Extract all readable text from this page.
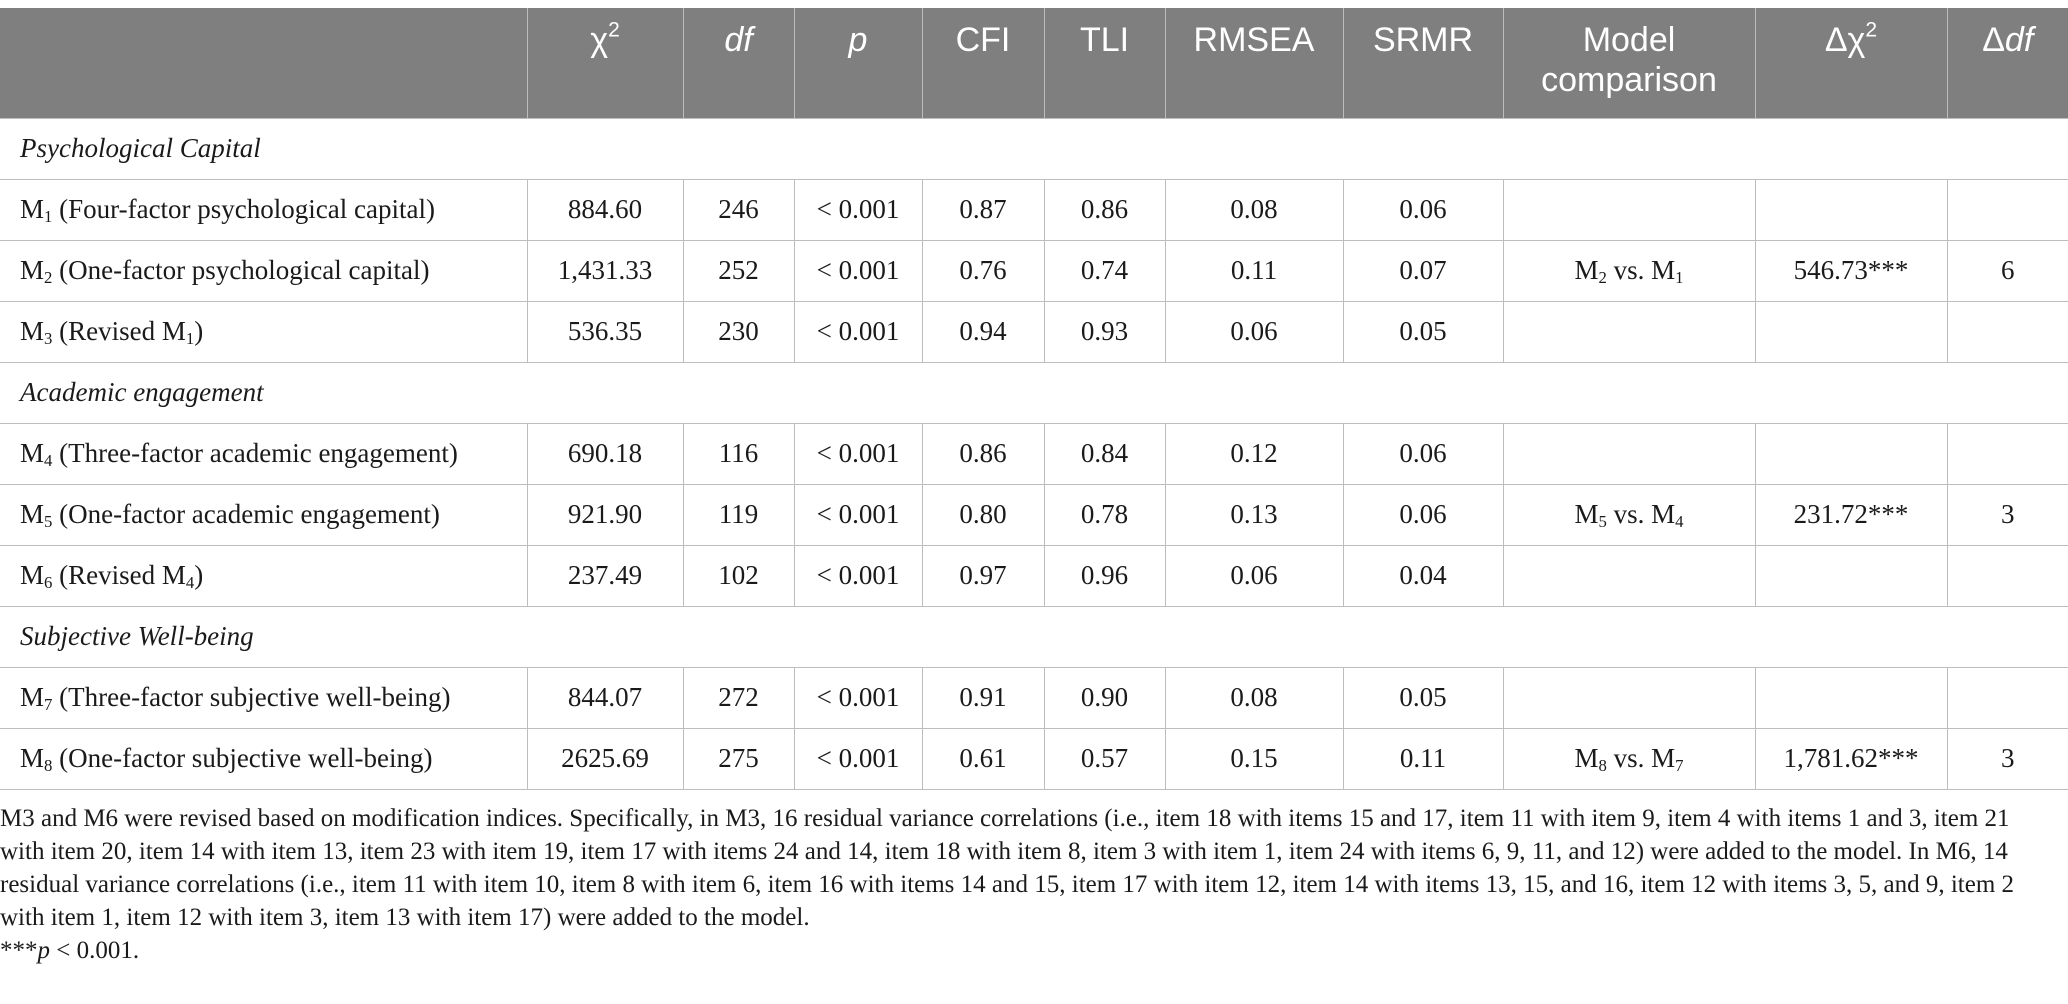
	$\chi^2$	df	p	CFI	TLI	RMSEA	SRMR	Model
comparison	$\Delta\chi^2$	Δdf
Psychological Capital										
$M_1$ (Four-factor psychological capital)	884.60	246	< 0.001	0.87	0.86	0.08	0.06			
$M_2$ (One-factor psychological capital)	1,431.33	252	< 0.001	0.76	0.74	0.11	0.07	$M_2$ vs. $M_1$	546.73***	6
$M_3$ (Revised $M_1$)	536.35	230	< 0.001	0.94	0.93	0.06	0.05			
Academic engagement										
$M_4$ (Three-factor academic engagement)	690.18	116	< 0.001	0.86	0.84	0.12	0.06			
$M_5$ (One-factor academic engagement)	921.90	119	< 0.001	0.80	0.78	0.13	0.06	$M_5$ vs. $M_4$	231.72***	3
$M_6$ (Revised $M_4$)	237.49	102	< 0.001	0.97	0.96	0.06	0.04			
Subjective Well-being										
$M_7$ (Three-factor subjective well-being)	844.07	272	< 0.001	0.91	0.90	0.08	0.05			
$M_8$ (One-factor subjective well-being)	2625.69	275	< 0.001	0.61	0.57	0.15	0.11	$M_8$ vs. $M_7$	1,781.62***	3

M3 and M6 were revised based on modification indices. Specifically, in M3, 16 residual variance correlations (i.e., item 18 with items 15 and 17, item 11 with item 9, item 4 with items 1 and 3, item 21 with item 20, item 14 with item 13, item 23 with item 19, item 17 with items 24 and 14, item 18 with item 8, item 3 with item 1, item 24 with items 6, 9, 11, and 12) were added to the model. In M6, 14 residual variance correlations (i.e., item 11 with item 10, item 8 with item 6, item 16 with items 14 and 15, item 17 with item 12, item 14 with items 13, 15, and 16, item 12 with items 3, 5, and 9, item 2 with item 1, item 12 with item 3, item 13 with item 17) were added to the model.

***p < 0.001.
